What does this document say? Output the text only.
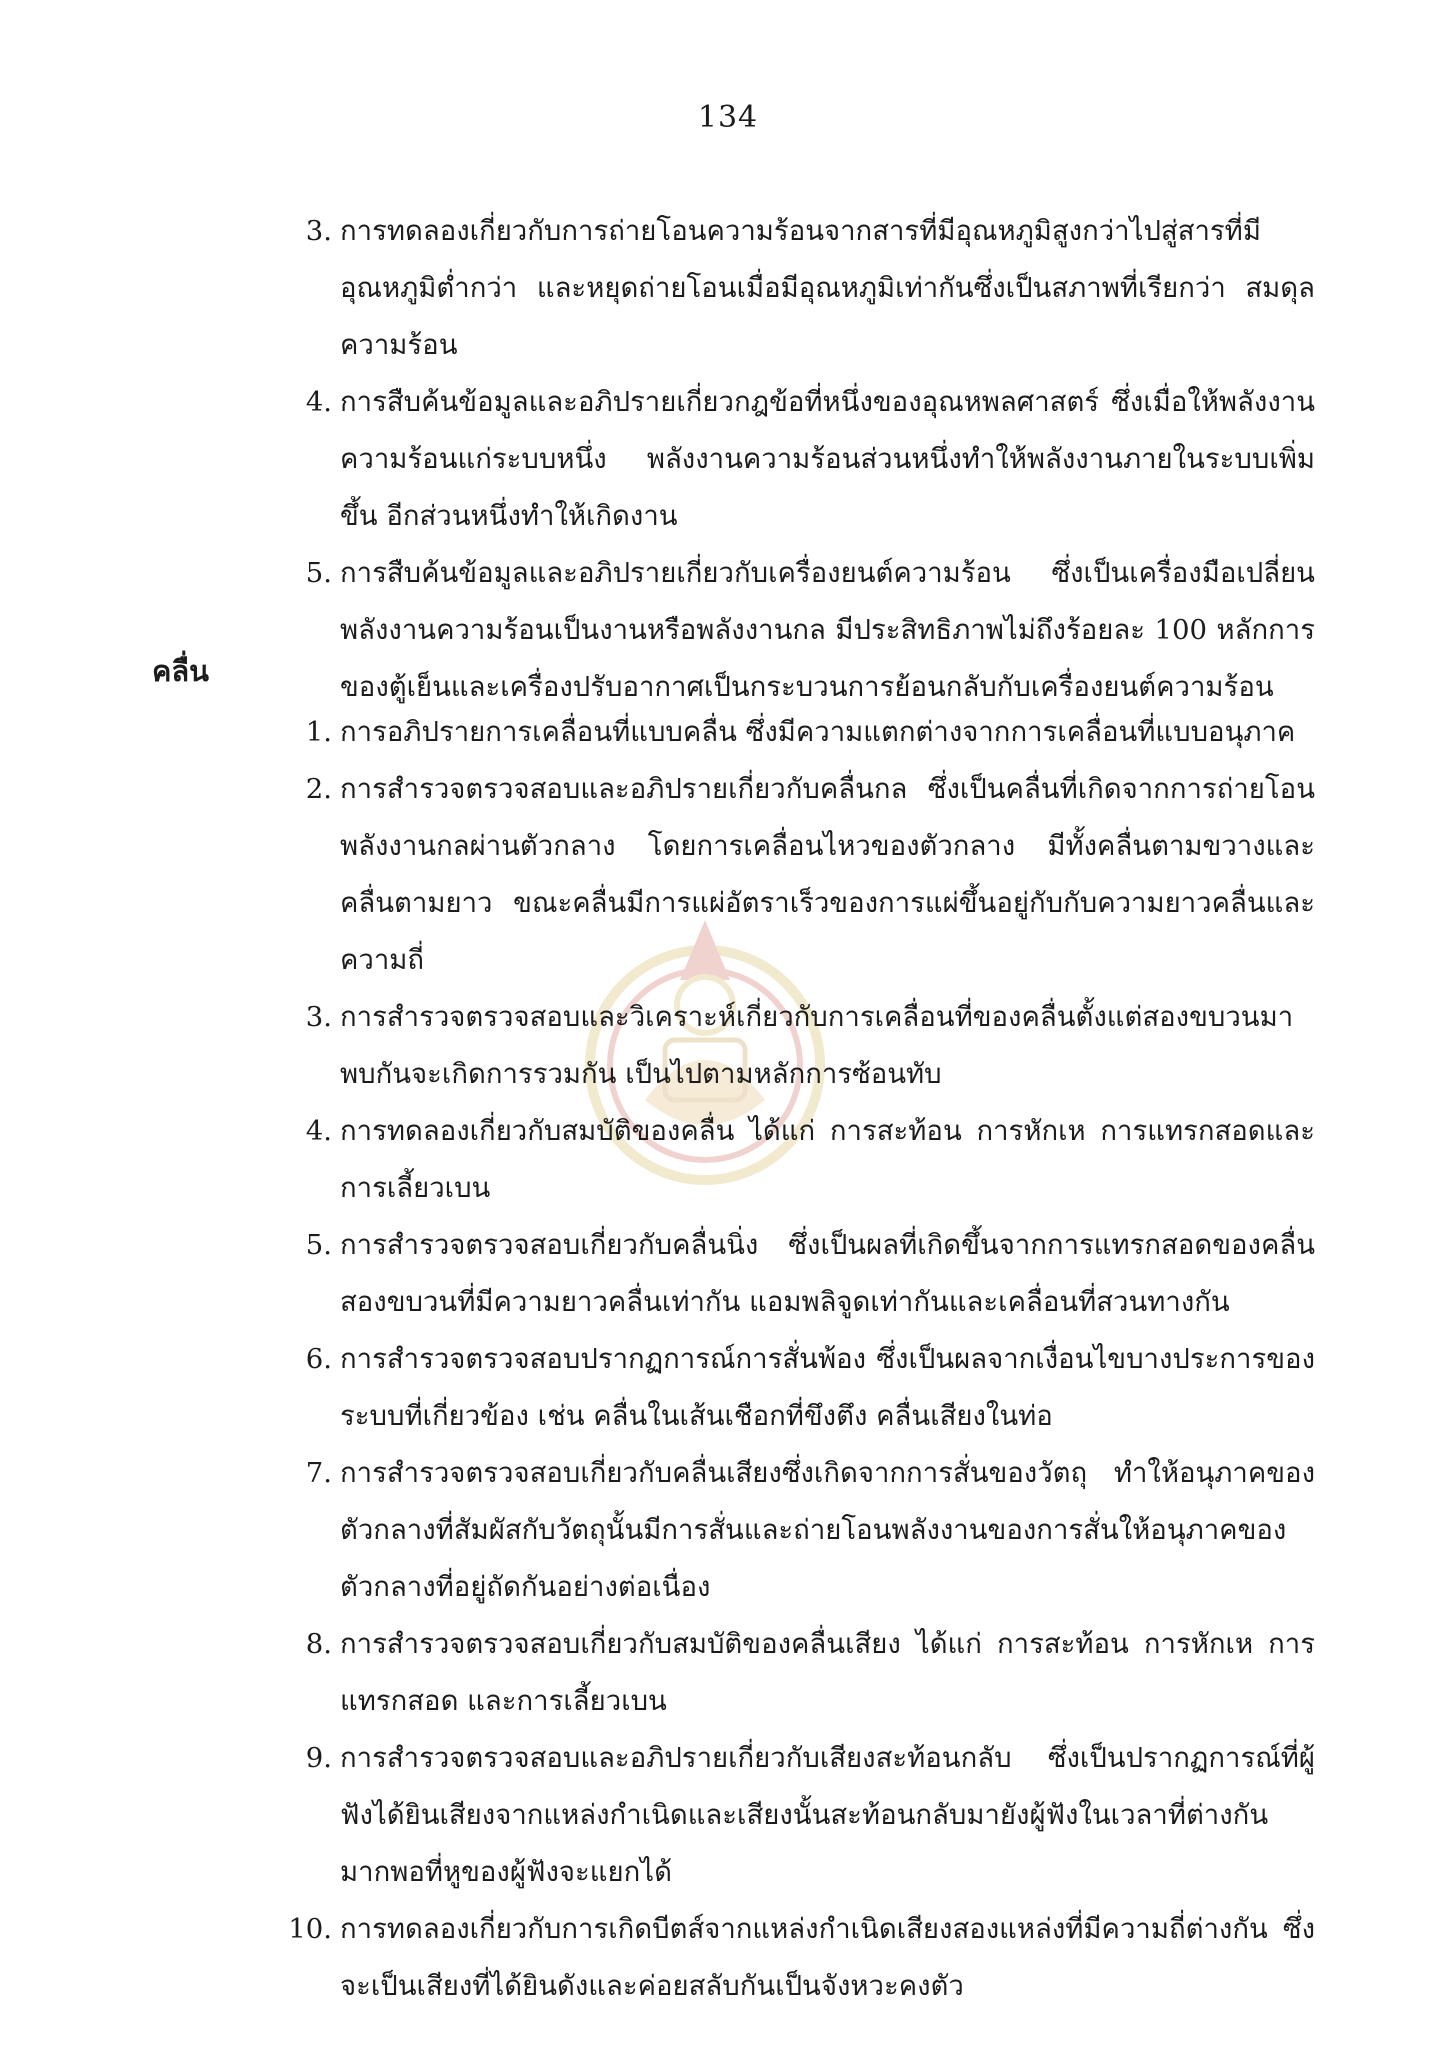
134
3. การทดลองเกี่ยวกับการถ่ายโอนความร้อนจากสารที่มีอุณหภูมิสูงกว่าไปสู่สารที่มีอุณหภูมิต่ำกว่า และหยุดถ่ายโอนเมื่อมีอุณหภูมิเท่ากันซึ่งเป็นสภาพที่เรียกว่า สมดุลความร้อน
4. การสืบค้นข้อมูลและอภิปรายเกี่ยวกฎข้อที่หนึ่งของอุณหพลศาสตร์ ซึ่งเมื่อให้พลังงานความร้อนแก่ระบบหนึ่ง พลังงานความร้อนส่วนหนึ่งทำให้พลังงานภายในระบบเพิ่มขึ้น อีกส่วนหนึ่งทำให้เกิดงาน
5. การสืบค้นข้อมูลและอภิปรายเกี่ยวกับเครื่องยนต์ความร้อน ซึ่งเป็นเครื่องมือเปลี่ยนพลังงานความร้อนเป็นงานหรือพลังงานกล มีประสิทธิภาพไม่ถึงร้อยละ 100 หลักการของตู้เย็นและเครื่องปรับอากาศเป็นกระบวนการย้อนกลับกับเครื่องยนต์ความร้อน
คลื่น
1. การอภิปรายการเคลื่อนที่แบบคลื่น ซึ่งมีความแตกต่างจากการเคลื่อนที่แบบอนุภาค
2. การสำรวจตรวจสอบและอภิปรายเกี่ยวกับคลื่นกล ซึ่งเป็นคลื่นที่เกิดจากการถ่ายโอนพลังงานกลผ่านตัวกลาง โดยการเคลื่อนไหวของตัวกลาง มีทั้งคลื่นตามขวางและคลื่นตามยาว ขณะคลื่นมีการแผ่อัตราเร็วของการแผ่ขึ้นอยู่กับกับความยาวคลื่นและความถี่
3. การสำรวจตรวจสอบและวิเคราะห์เกี่ยวกับการเคลื่อนที่ของคลื่นตั้งแต่สองขบวนมาพบกันจะเกิดการรวมกัน เป็นไปตามหลักการซ้อนทับ
4. การทดลองเกี่ยวกับสมบัติของคลื่น ได้แก่ การสะท้อน การหักเห การแทรกสอดและการเลี้ยวเบน
5. การสำรวจตรวจสอบเกี่ยวกับคลื่นนิ่ง ซึ่งเป็นผลที่เกิดขึ้นจากการแทรกสอดของคลื่นสองขบวนที่มีความยาวคลื่นเท่ากัน แอมพลิจูดเท่ากันและเคลื่อนที่สวนทางกัน
6. การสำรวจตรวจสอบปรากฏการณ์การสั่นพ้อง ซึ่งเป็นผลจากเงื่อนไขบางประการของระบบที่เกี่ยวข้อง เช่น คลื่นในเส้นเชือกที่ขึงตึง คลื่นเสียงในท่อ
7. การสำรวจตรวจสอบเกี่ยวกับคลื่นเสียงซึ่งเกิดจากการสั่นของวัตถุ ทำให้อนุภาคของตัวกลางที่สัมผัสกับวัตถุนั้นมีการสั่นและถ่ายโอนพลังงานของการสั่นให้อนุภาคของตัวกลางที่อยู่ถัดกันอย่างต่อเนื่อง
8. การสำรวจตรวจสอบเกี่ยวกับสมบัติของคลื่นเสียง ได้แก่ การสะท้อน การหักเห การแทรกสอด และการเลี้ยวเบน
9. การสำรวจตรวจสอบและอภิปรายเกี่ยวกับเสียงสะท้อนกลับ ซึ่งเป็นปรากฏการณ์ที่ผู้ฟังได้ยินเสียงจากแหล่งกำเนิดและเสียงนั้นสะท้อนกลับมายังผู้ฟังในเวลาที่ต่างกันมากพอที่หูของผู้ฟังจะแยกได้
10. การทดลองเกี่ยวกับการเกิดบีตส์จากแหล่งกำเนิดเสียงสองแหล่งที่มีความถี่ต่างกัน ซึ่งจะเป็นเสียงที่ได้ยินดังและค่อยสลับกันเป็นจังหวะคงตัว
